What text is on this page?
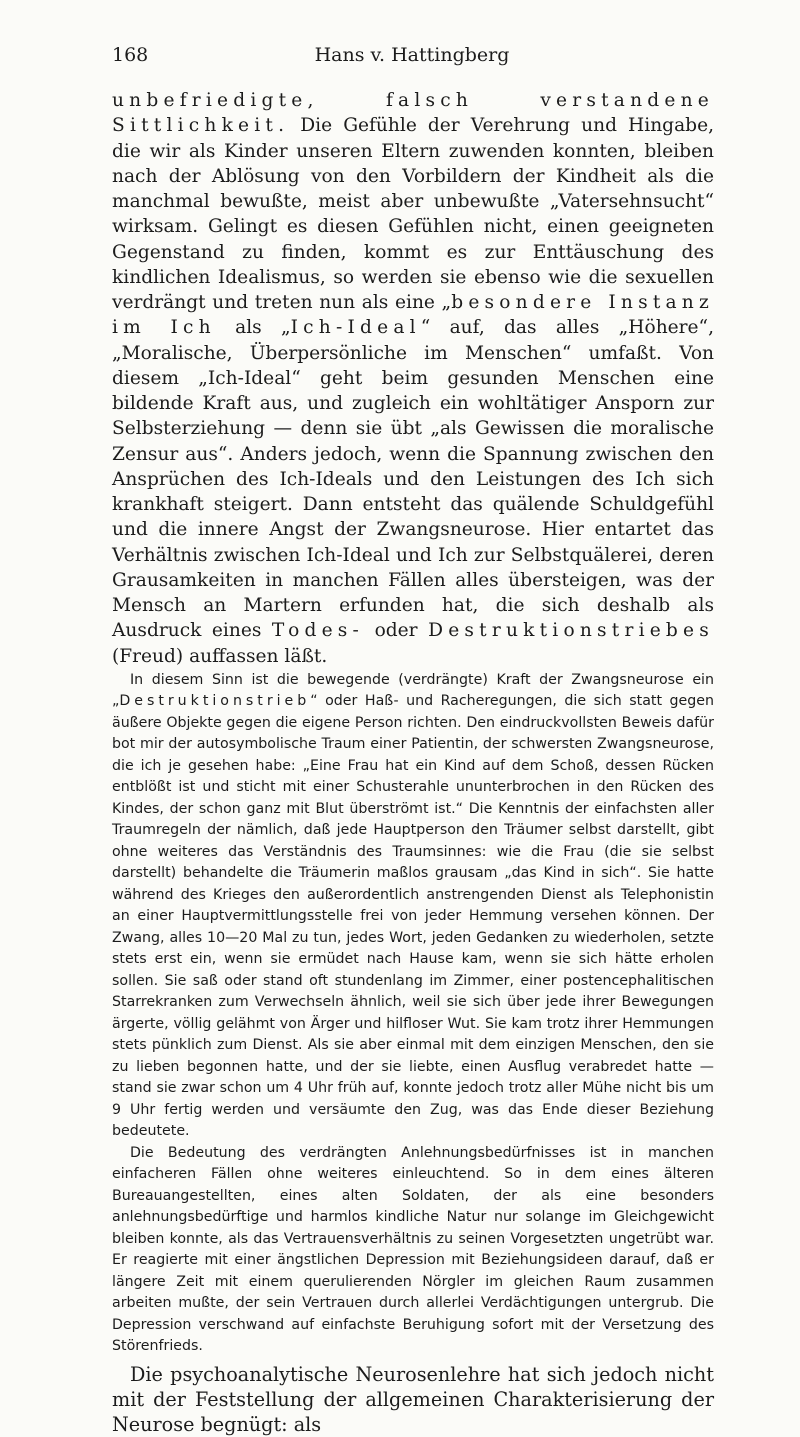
168	Hans v. Hattingberg

unbefriedigte, falsch verstandene Sittlichkeit. Die Gefühle der Verehrung und Hingabe, die wir als Kinder unseren Eltern zuwenden konnten, bleiben nach der Ablösung von den Vorbildern der Kindheit als die manchmal bewußte, meist aber unbewußte „Vatersehnsucht“ wirksam. Gelingt es diesen Gefühlen nicht, einen geeigneten Gegenstand zu finden, kommt es zur Enttäuschung des kindlichen Idealismus, so werden sie ebenso wie die sexuellen verdrängt und treten nun als eine „besondere Instanz im Ich als „Ich-Ideal“ auf, das alles „Höhere“, „Moralische, Überpersönliche im Menschen“ umfaßt. Von diesem „Ich-Ideal“ geht beim gesunden Menschen eine bildende Kraft aus, und zugleich ein wohltätiger Ansporn zur Selbsterziehung — denn sie übt „als Gewissen die moralische Zensur aus“. Anders jedoch, wenn die Spannung zwischen den Ansprüchen des Ich-Ideals und den Leistungen des Ich sich krankhaft steigert. Dann entsteht das quälende Schuldgefühl und die innere Angst der Zwangsneurose. Hier entartet das Verhältnis zwischen Ich-Ideal und Ich zur Selbstquälerei, deren Grausamkeiten in manchen Fällen alles übersteigen, was der Mensch an Martern erfunden hat, die sich deshalb als Ausdruck eines Todes- oder Destruktionstriebes (Freud) auffassen läßt.

In diesem Sinn ist die bewegende (verdrängte) Kraft der Zwangsneurose ein „Destruktionstrieb“ oder Haß- und Racheregungen, die sich statt gegen äußere Objekte gegen die eigene Person richten. Den eindruckvollsten Beweis dafür bot mir der autosymbolische Traum einer Patientin, der schwersten Zwangsneurose, die ich je gesehen habe: „Eine Frau hat ein Kind auf dem Schoß, dessen Rücken entblößt ist und sticht mit einer Schusterahle ununterbrochen in den Rücken des Kindes, der schon ganz mit Blut überströmt ist.“ Die Kenntnis der einfachsten aller Traumregeln der nämlich, daß jede Hauptperson den Träumer selbst darstellt, gibt ohne weiteres das Verständnis des Traumsinnes: wie die Frau (die sie selbst darstellt) behandelte die Träumerin maßlos grausam „das Kind in sich“. Sie hatte während des Krieges den außerordentlich anstrengenden Dienst als Telephonistin an einer Hauptvermittlungsstelle frei von jeder Hemmung versehen können. Der Zwang, alles 10—20 Mal zu tun, jedes Wort, jeden Gedanken zu wiederholen, setzte stets erst ein, wenn sie ermüdet nach Hause kam, wenn sie sich hätte erholen sollen. Sie saß oder stand oft stundenlang im Zimmer, einer postencephalitischen Starrekranken zum Verwechseln ähnlich, weil sie sich über jede ihrer Bewegungen ärgerte, völlig gelähmt von Ärger und hilfloser Wut. Sie kam trotz ihrer Hemmungen stets pünklich zum Dienst. Als sie aber einmal mit dem einzigen Menschen, den sie zu lieben begonnen hatte, und der sie liebte, einen Ausflug verabredet hatte — stand sie zwar schon um 4 Uhr früh auf, konnte jedoch trotz aller Mühe nicht bis um 9 Uhr fertig werden und versäumte den Zug, was das Ende dieser Beziehung bedeutete.

Die Bedeutung des verdrängten Anlehnungsbedürfnisses ist in manchen einfacheren Fällen ohne weiteres einleuchtend. So in dem eines älteren Bureauangestellten, eines alten Soldaten, der als eine besonders anlehnungsbedürftige und harmlos kindliche Natur nur solange im Gleichgewicht bleiben konnte, als das Vertrauensverhältnis zu seinen Vorgesetzten ungetrübt war. Er reagierte mit einer ängstlichen Depression mit Beziehungsideen darauf, daß er längere Zeit mit einem querulierenden Nörgler im gleichen Raum zusammen arbeiten mußte, der sein Vertrauen durch allerlei Verdächtigungen untergrub. Die Depression verschwand auf einfachste Beruhigung sofort mit der Versetzung des Störenfrieds.

Die psychoanalytische Neurosenlehre hat sich jedoch nicht mit der Feststellung der allgemeinen Charakterisierung der Neurose begnügt: als
